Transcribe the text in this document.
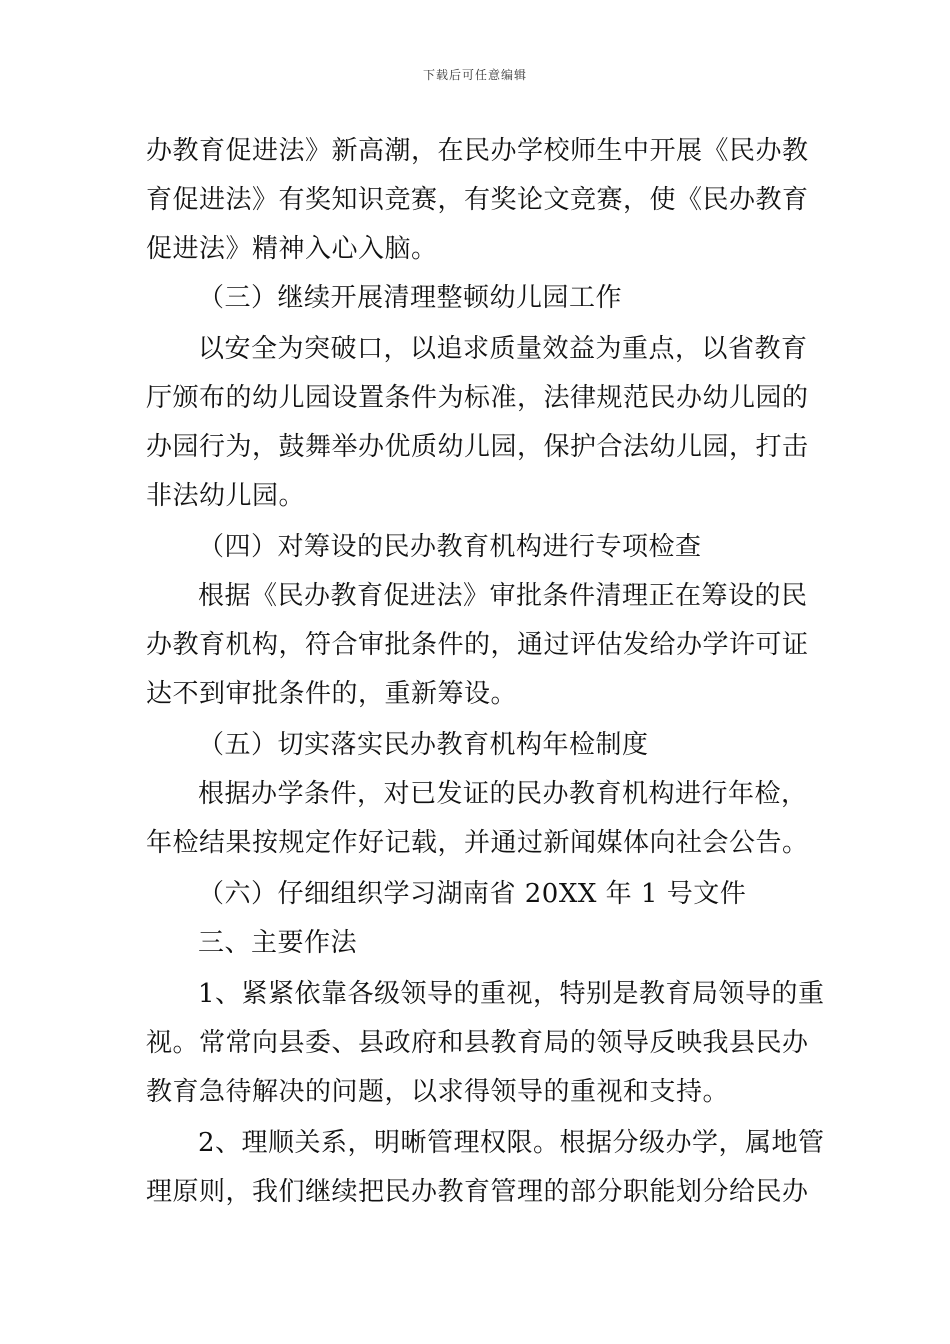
下载后可任意编辑
办教育促进法》新高潮，在民办学校师生中开展《民办教
育促进法》有奖知识竞赛，有奖论文竞赛，使《民办教育
促进法》精神入心入脑。
（三）继续开展清理整顿幼儿园工作
以安全为突破口，以追求质量效益为重点，以省教育
厅颁布的幼儿园设置条件为标准，法律规范民办幼儿园的
办园行为，鼓舞举办优质幼儿园，保护合法幼儿园，打击
非法幼儿园。
（四）对筹设的民办教育机构进行专项检查
根据《民办教育促进法》审批条件清理正在筹设的民
办教育机构，符合审批条件的，通过评估发给办学许可证
达不到审批条件的，重新筹设。
（五）切实落实民办教育机构年检制度
根据办学条件，对已发证的民办教育机构进行年检，
年检结果按规定作好记载，并通过新闻媒体向社会公告。
（六）仔细组织学习湖南省 20XX 年 1 号文件
三、主要作法
1、紧紧依靠各级领导的重视，特别是教育局领导的重
视。常常向县委、县政府和县教育局的领导反映我县民办
教育急待解决的问题，以求得领导的重视和支持。
2、理顺关系，明晰管理权限。根据分级办学，属地管
理原则，我们继续把民办教育管理的部分职能划分给民办
